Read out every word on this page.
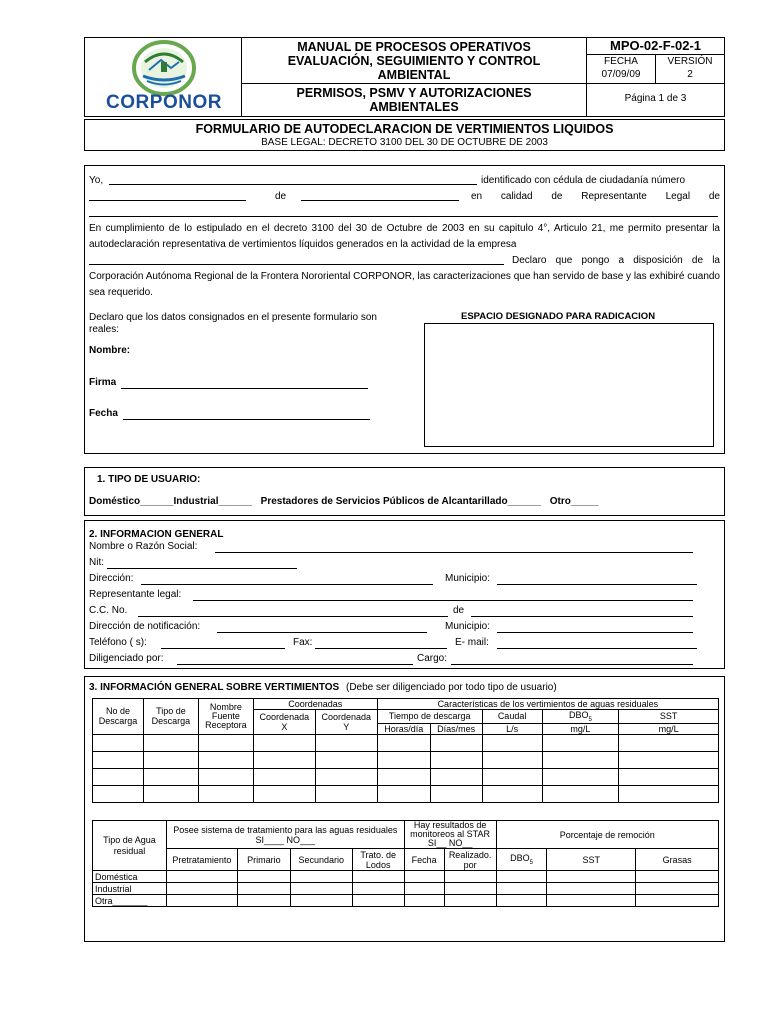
CORPONOR
MANUAL DE PROCESOS OPERATIVOS
EVALUACIÓN, SEGUIMIENTO Y CONTROL
AMBIENTAL
PERMISOS, PSMV Y AUTORIZACIONES
AMBIENTALES
MPO-02-F-02-1
FECHA
07/09/09
VERSIÓN
2
Página 1 de 3
FORMULARIO DE AUTODECLARACION DE VERTIMIENTOS LIQUIDOS
BASE LEGAL: DECRETO 3100 DEL 30 DE OCTUBRE DE 2003
Yo,	identificado con cédula de ciudadanía número
de	en calidad de Representante Legal de
En cumplimiento de lo estipulado en el decreto 3100 del 30 de Octubre de 2003 en su capitulo 4°, Articulo 21, me permito presentar la autodeclaración representativa de vertimientos líquidos generados en la actividad de la empresa
Declaro que pongo a disposición de la
Corporación Autónoma Regional de la Frontera Nororiental CORPONOR, las caracterizaciones que han servido de base y las exhibiré cuando sea requerido.
Declaro que los datos consignados en el presente formulario son reales:
ESPACIO DESIGNADO PARA RADICACION
Nombre:
Firma
Fecha
1. TIPO DE USUARIO:
Doméstico______Industrial______ Prestadores de Servicios Públicos de Alcantarillado______ Otro_____
2. INFORMACION GENERAL
Nombre o Razón Social:
Nit:
Dirección:	Municipio:
Representante legal:
C.C. No.	de
Dirección de notificación:	Municipio:
Teléfono ( s):	Fax:	E- mail:
Diligenciado por:	Cargo:
3. INFORMACIÓN GENERAL SOBRE VERTIMIENTOS (Debe ser diligenciado por todo tipo de usuario)
No de Descarga	Tipo de Descarga	Nombre Fuente Receptora	Coordenadas		Características de los vertimientos de aguas residuales				
			Coordenada X	Coordenada Y	Tiempo de descarga		Caudal	$DBO_5$	SST
					Horas/día	Días/mes	L/s	mg/L	mg/L

Tipo de Agua residual	Posee sistema de tratamiento para las aguas residuales SI____ NO___				Hay resultados de monitoreos al STAR SI__ NO__		Porcentaje de remoción		
	Pretratamiento	Primario	Secundario	Trato. de Lodos	Fecha	Realizado. por	$DBO_5$	SST	Grasas
Doméstica									
Industrial									
Otra_______									
